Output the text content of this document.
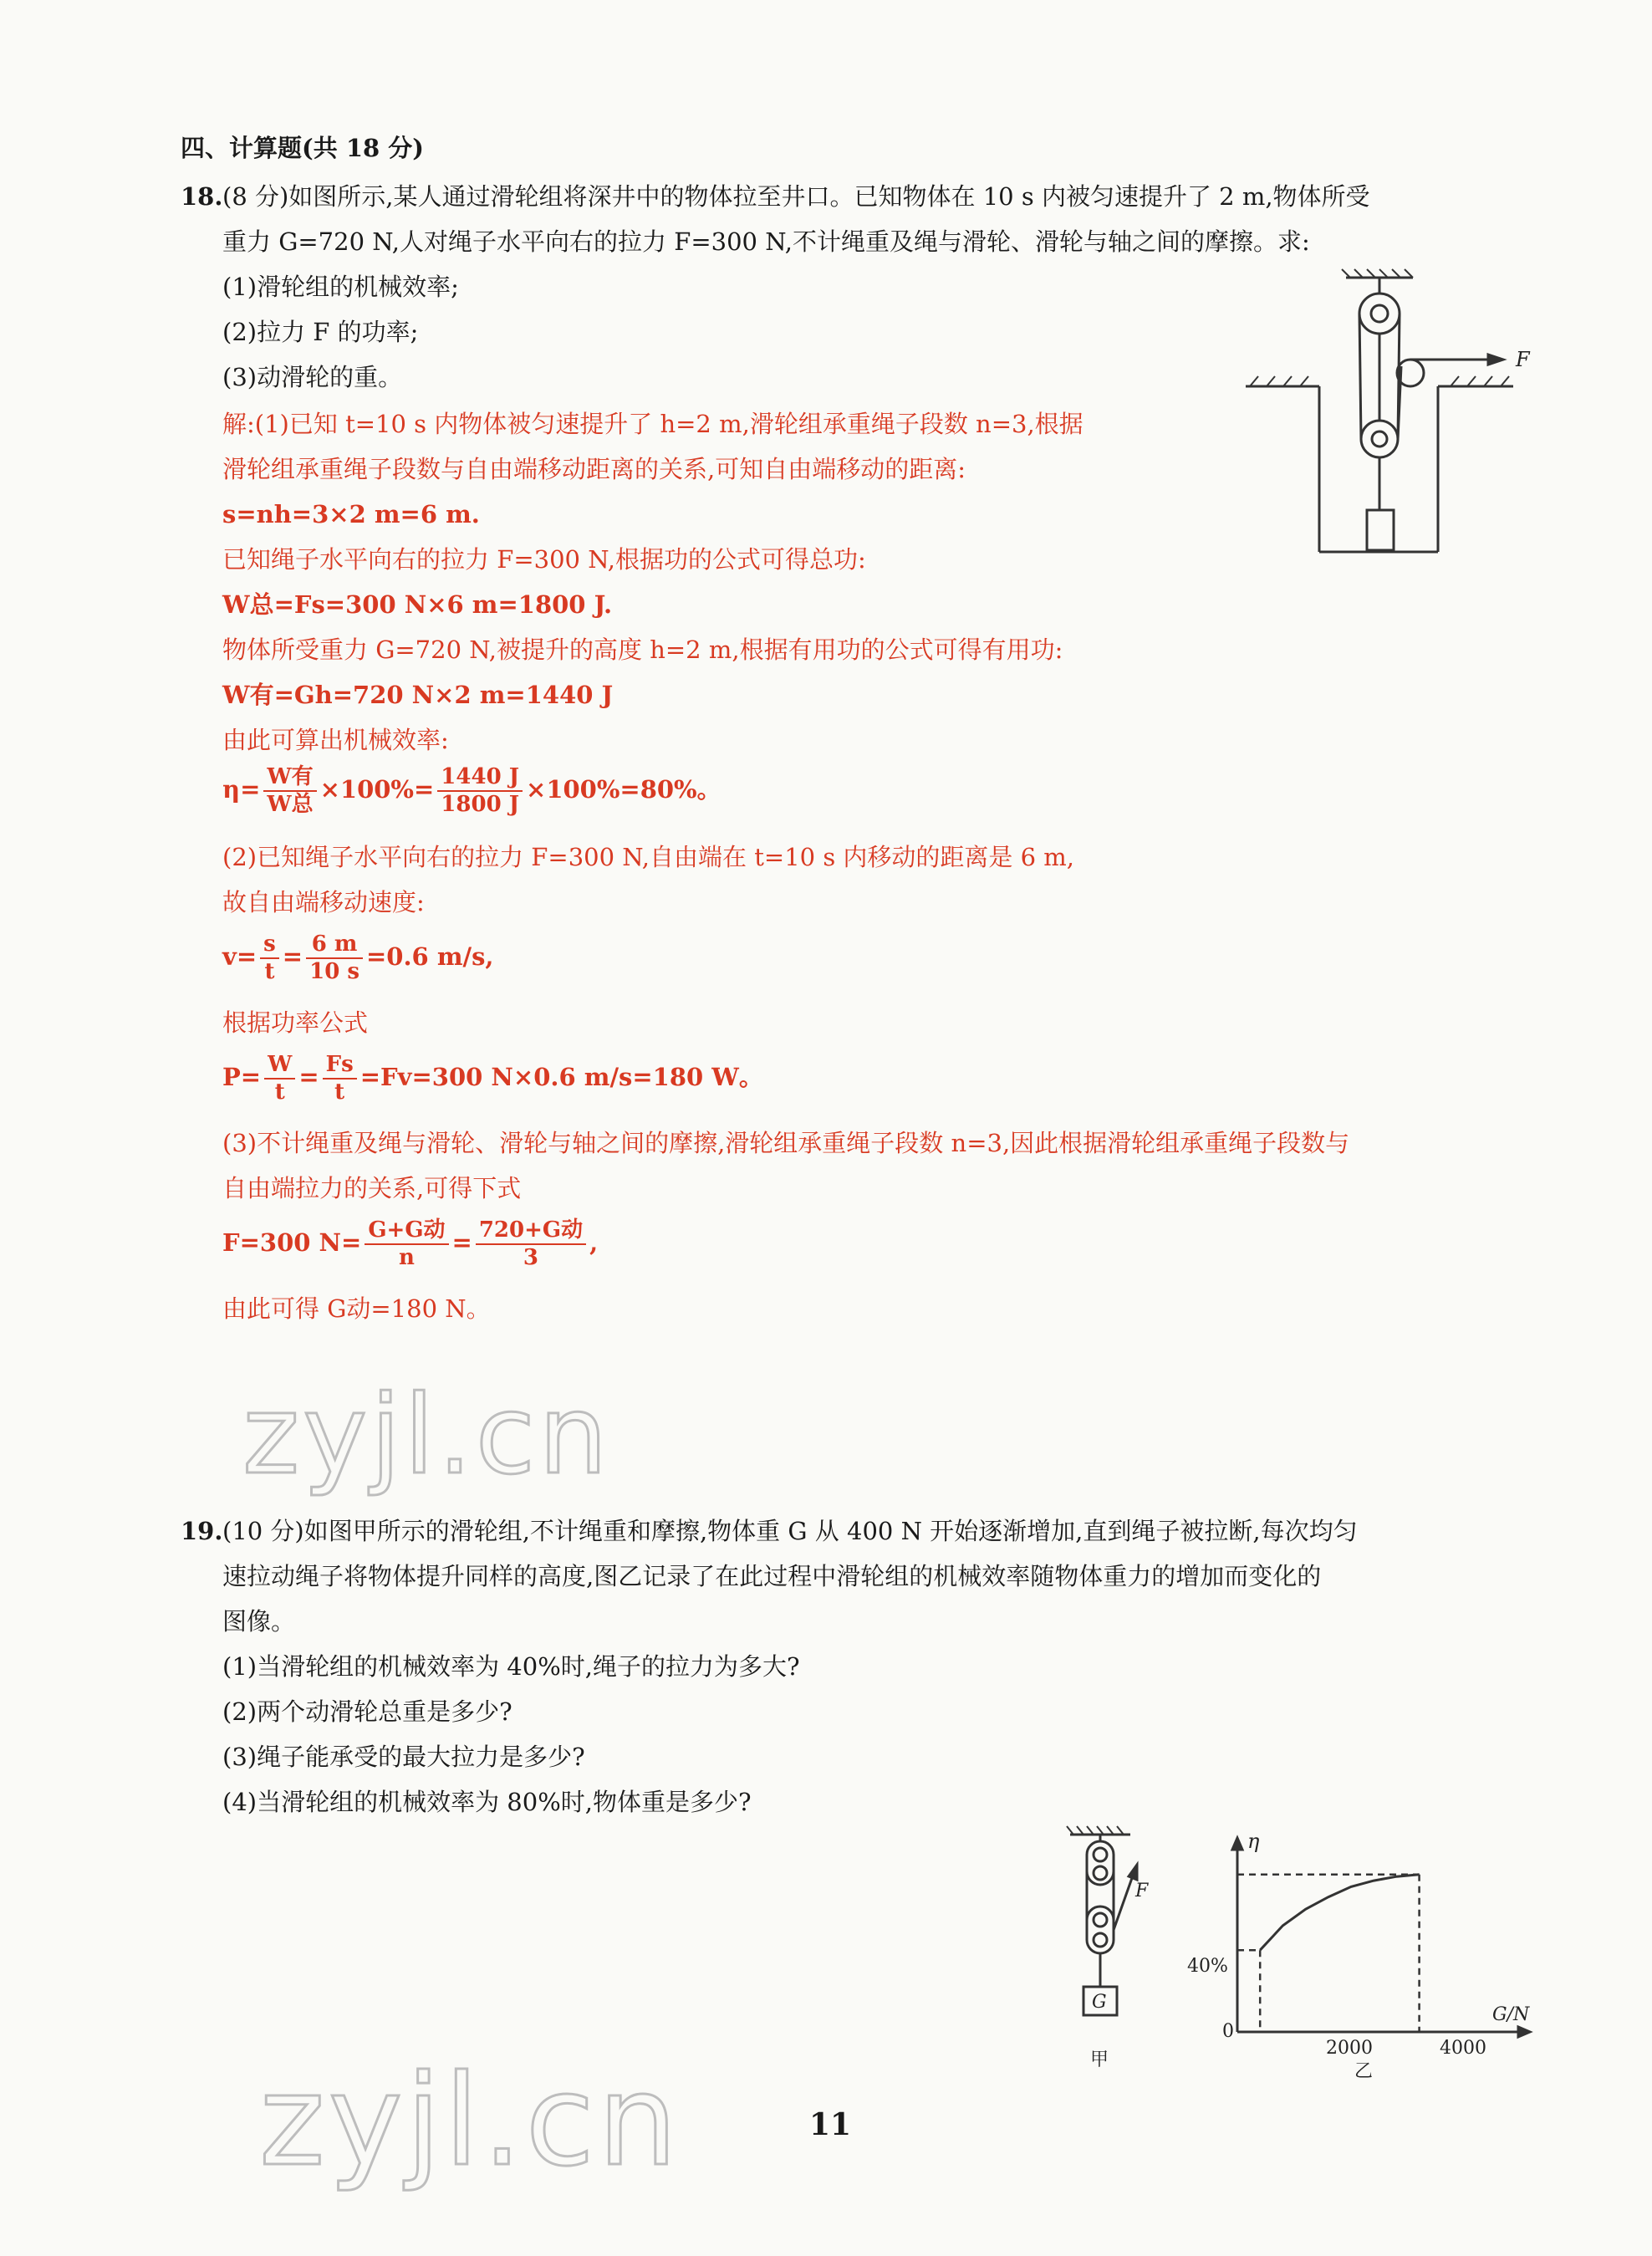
四、计算题(共 18 分)
18. (8 分)如图所示,某人通过滑轮组将深井中的物体拉至井口。已知物体在 10 s 内被匀速提升了 2 m,物体所受
重力 G=720 N,人对绳子水平向右的拉力 F=300 N,不计绳重及绳与滑轮、滑轮与轴之间的摩擦。求:
(1)滑轮组的机械效率;
(2)拉力 F 的功率;
(3)动滑轮的重。
F
解:(1)已知 t=10 s 内物体被匀速提升了 h=2 m,滑轮组承重绳子段数 n=3,根据
滑轮组承重绳子段数与自由端移动距离的关系,可知自由端移动的距离:
s=nh=3×2 m=6 m.
已知绳子水平向右的拉力 F=300 N,根据功的公式可得总功:
W总=Fs=300 N×6 m=1800 J.
物体所受重力 G=720 N,被提升的高度 h=2 m,根据有用功的公式可得有用功:
W有=Gh=720 N×2 m=1440 J
由此可算出机械效率:
$\eta= \frac{\text{W有}}{\text{W总}} \times 100\%= \frac{1440 J}{1800 J} \times 100\%=80\%$。
(2)已知绳子水平向右的拉力 F=300 N,自由端在 t=10 s 内移动的距离是 6 m,
故自由端移动速度:
$v= \frac{s}{t} = \frac{6 m}{10 s} =0.6$ m/s,
根据功率公式
$P= \frac{W}{t} = \frac{Fs}{t} =Fv=300$ N×0.6 m/s=180 W。
(3)不计绳重及绳与滑轮、滑轮与轴之间的摩擦,滑轮组承重绳子段数 n=3,因此根据滑轮组承重绳子段数与
自由端拉力的关系,可得下式
F=300 $N= \frac{\text{G+G动}}{n} = \frac{\text{720+G动}}{3}$ ,
由此可得 G动=180 N。
zyjl.cn
19. (10 分)如图甲所示的滑轮组,不计绳重和摩擦,物体重 G 从 400 N 开始逐渐增加,直到绳子被拉断,每次均匀
速拉动绳子将物体提升同样的高度,图乙记录了在此过程中滑轮组的机械效率随物体重力的增加而变化的
图像。
(1)当滑轮组的机械效率为 40%时,绳子的拉力为多大?
(2)两个动滑轮总重是多少?
(3)绳子能承受的最大拉力是多少?
(4)当滑轮组的机械效率为 80%时,物体重是多少?
F
G
甲
η
G/N
40%
0
2000	4000
乙
zyjl.cn	11
